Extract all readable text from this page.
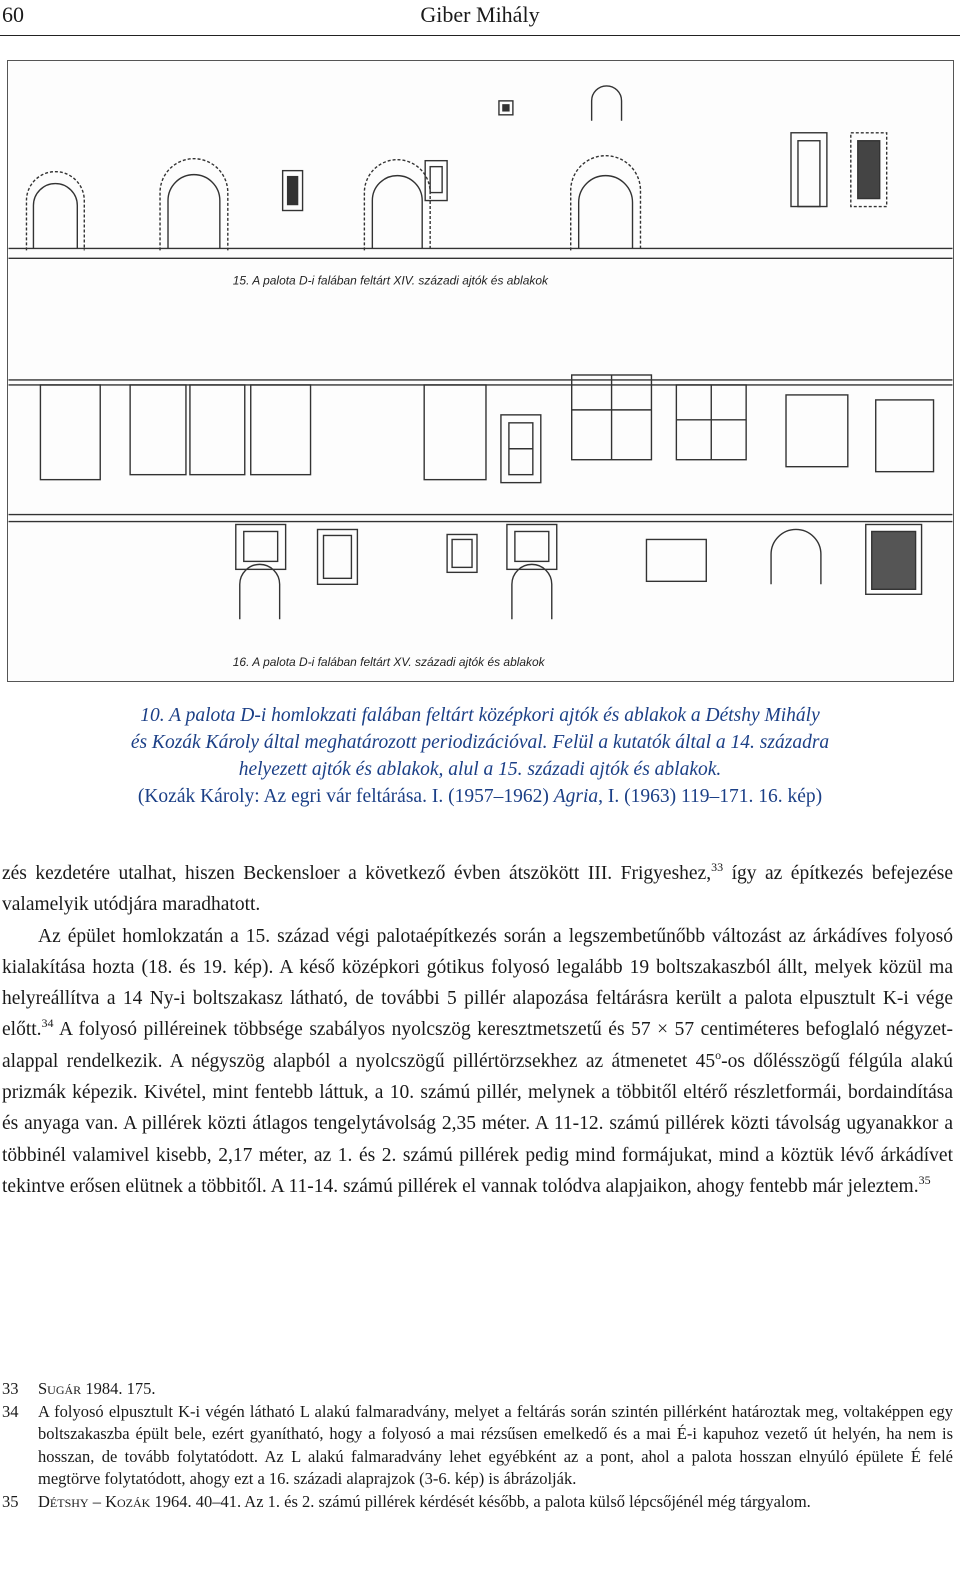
60	Giber Mihály
15. A palota D-i falában feltárt XIV. századi ajtók és ablakok
16. A palota D-i falában feltárt XV. századi ajtók és ablakok
10. A palota D-i homlokzati falában feltárt középkori ajtók és ablakok a Détshy Mihály
és Kozák Károly által meghatározott periodizációval. Felül a kutatók által a 14. századra
helyezett ajtók és ablakok, alul a 15. századi ajtók és ablakok.
(Kozák Károly: Az egri vár feltárása. I. (1957–1962) Agria, I. (1963) 119–171. 16. kép)

zés kezdetére utalhat, hiszen Beckensloer a következő évben átszökött III. Frigyeshez,$^{33}$ így az építkezés befejezése valamelyik utódjára maradhatott.

Az épület homlokzatán a 15. század végi palotaépítkezés során a legszembetűnőbb változást az árkádíves folyosó kialakítása hozta (18. és 19. kép). A késő középkori gótikus folyosó legalább 19 boltszakaszból állt, melyek közül ma helyreállítva a 14 Ny-i boltszakasz látható, de további 5 pillér alapozása feltárásra került a palota elpusztult K-i vége előtt.$^{34}$ A folyosó pilléreinek többsége szabályos nyolcszög keresztmetszetű és 57 × 57 centiméteres befoglaló négyzet-alappal rendelkezik. A négyszög alapból a nyolcszögű pillértörzsekhez az átmenetet 45$^o$-os dőlésszögű félgúla alakú prizmák képezik. Kivétel, mint fentebb láttuk, a 10. számú pillér, melynek a többitől eltérő részletformái, bordaindítása és anyaga van. A pillérek közti átlagos tengelytávolság 2,35 méter. A 11-12. számú pillérek közti távolság ugyanakkor a többinél valamivel kisebb, 2,17 méter, az 1. és 2. számú pillérek pedig mind formájukat, mind a köztük lévő árkádívet tekintve erősen elütnek a többitől. A 11-14. számú pillérek el vannak tolódva alapjaikon, ahogy fentebb már jeleztem.$^{35}$

33	Sugár 1984. 175.
34	A folyosó elpusztult K-i végén látható L alakú falmaradvány, melyet a feltárás során szintén pillérként határoztak meg, voltaképpen egy boltszakaszba épült bele, ezért gyanítható, hogy a folyosó a mai rézsűsen emelkedő és a mai É-i kapuhoz vezető út helyén, ha nem is hosszan, de tovább folytatódott. Az L alakú falmaradvány lehet egyébként az a pont, ahol a palota hosszan elnyúló épülete É felé megtörve folytatódott, ahogy ezt a 16. századi alaprajzok (3-6. kép) is ábrázolják.
35	Détshy – Kozák 1964. 40–41. Az 1. és 2. számú pillérek kérdését később, a palota külső lépcsőjénél még tárgyalom.
